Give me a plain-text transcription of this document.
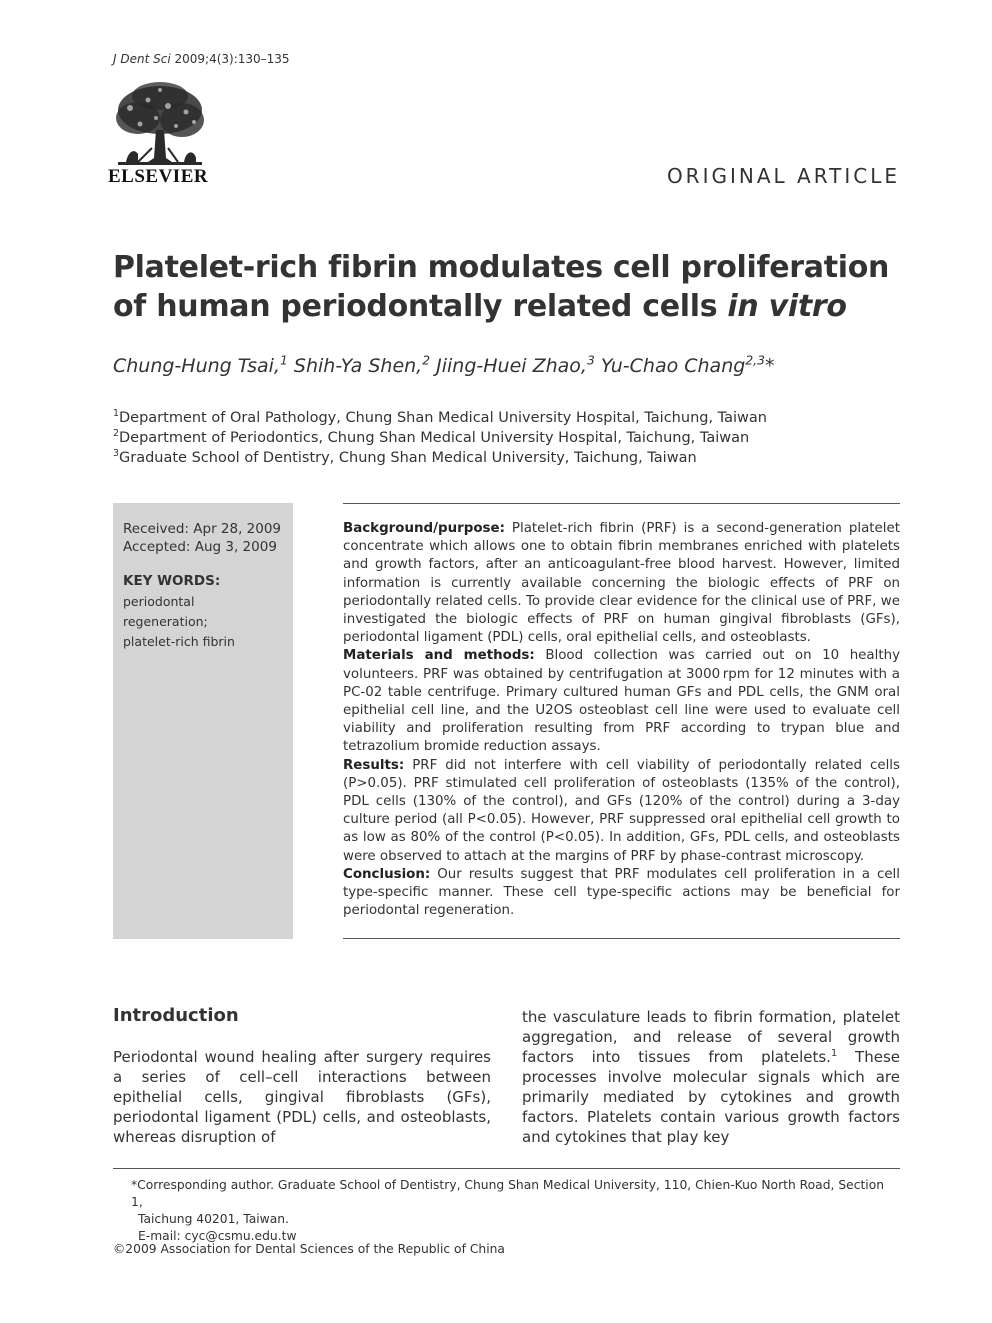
J Dent Sci 2009;4(3):130–135
ELSEVIER	ORIGINAL ARTICLE
Platelet-rich fibrin modulates cell proliferation of human periodontally related cells in vitro
Chung-Hung Tsai,$^1$ Shih-Ya Shen,$^2$ Jiing-Huei Zhao,$^3$ Yu-Chao Chang$^{2,3}$*
$^1$Department of Oral Pathology, Chung Shan Medical University Hospital, Taichung, Taiwan
$^2$Department of Periodontics, Chung Shan Medical University Hospital, Taichung, Taiwan
$^3$Graduate School of Dentistry, Chung Shan Medical University, Taichung, Taiwan
Received: Apr 28, 2009
Accepted: Aug 3, 2009
KEY WORDS:
periodontal regeneration;
platelet-rich fibrin

Background/purpose: Platelet-rich fibrin (PRF) is a second-generation platelet concentrate which allows one to obtain fibrin membranes enriched with platelets and growth factors, after an anticoagulant-free blood harvest. However, limited information is currently available concerning the biologic effects of PRF on periodontally related cells. To provide clear evidence for the clinical use of PRF, we investigated the biologic effects of PRF on human gingival fibroblasts (GFs), periodontal ligament (PDL) cells, oral epithelial cells, and osteoblasts.

Materials and methods: Blood collection was carried out on 10 healthy volunteers. PRF was obtained by centrifugation at 3000 rpm for 12 minutes with a PC-02 table centrifuge. Primary cultured human GFs and PDL cells, the GNM oral epithelial cell line, and the U2OS osteoblast cell line were used to evaluate cell viability and proliferation resulting from PRF according to trypan blue and tetrazolium bromide reduction assays.

Results: PRF did not interfere with cell viability of periodontally related cells (P>0.05). PRF stimulated cell proliferation of osteoblasts (135% of the control), PDL cells (130% of the control), and GFs (120% of the control) during a 3-day culture period (all P<0.05). However, PRF suppressed oral epithelial cell growth to as low as 80% of the control (P<0.05). In addition, GFs, PDL cells, and osteoblasts were observed to attach at the margins of PRF by phase-contrast microscopy.

Conclusion: Our results suggest that PRF modulates cell proliferation in a cell type-specific manner. These cell type-specific actions may be beneficial for periodontal regeneration.

Introduction

Periodontal wound healing after surgery requires a series of cell–cell interactions between epithelial cells, gingival fibroblasts (GFs), periodontal ligament (PDL) cells, and osteoblasts, whereas disruption of

the vasculature leads to fibrin formation, platelet aggregation, and release of several growth factors into tissues from platelets.$^1$ These processes involve molecular signals which are primarily mediated by cytokines and growth factors. Platelets contain various growth factors and cytokines that play key

*Corresponding author. Graduate School of Dentistry, Chung Shan Medical University, 110, Chien-Kuo North Road, Section 1,

Taichung 40201, Taiwan.

E-mail: cyc@csmu.edu.tw

©2009 Association for Dental Sciences of the Republic of China
